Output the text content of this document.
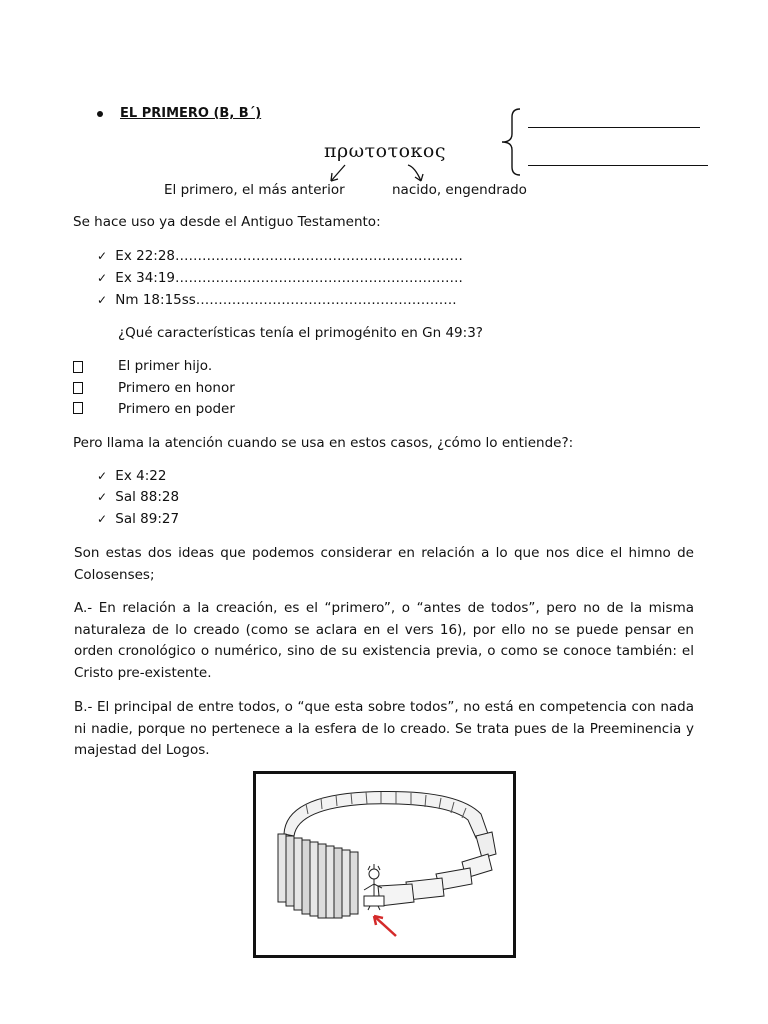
EL PRIMERO (B, B´)
πρωτοτοκος
El primero, el más anterior	nacido, engendrado
Se hace uso ya desde el Antiguo Testamento:
✓ Ex 22:28……………………………………………………….
✓ Ex 34:19……………………………………………………….
✓ Nm 18:15ss………………………………………………….
¿Qué características tenía el primogénito en Gn 49:3?
El primer hijo.
Primero en honor
Primero en poder
Pero llama la atención cuando se usa en estos casos, ¿cómo lo entiende?:
✓ Ex 4:22
✓ Sal 88:28
✓ Sal 89:27
Son estas dos ideas que podemos considerar en relación a lo que nos dice el himno de Colosenses;
A.- En relación a la creación, es el “primero”, o “antes de todos”, pero no de la misma naturaleza de lo creado (como se aclara en el vers 16), por ello no se puede pensar en orden cronológico o numérico, sino de su existencia previa, o como se conoce también: el Cristo pre-existente.
B.- El principal de entre todos, o “que esta sobre todos”, no está en competencia con nada ni nadie, porque no pertenece a la esfera de lo creado. Se trata pues de la Preeminencia y majestad del Logos.
